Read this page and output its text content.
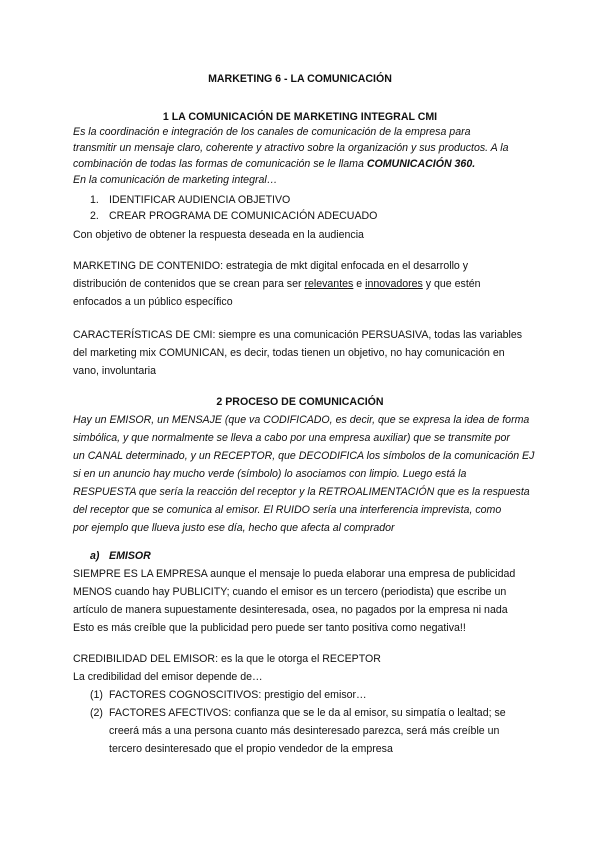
MARKETING 6 - LA COMUNICACIÓN
1 LA COMUNICACIÓN DE MARKETING INTEGRAL CMI
Es la coordinación e integración de los canales de comunicación de la empresa para
transmitir un mensaje claro, coherente y atractivo sobre la organización y sus productos. A la
combinación de todas las formas de comunicación se le llama COMUNICACIÓN 360.
En la comunicación de marketing integral…
1. IDENTIFICAR AUDIENCIA OBJETIVO
2. CREAR PROGRAMA DE COMUNICACIÓN ADECUADO
Con objetivo de obtener la respuesta deseada en la audiencia
MARKETING DE CONTENIDO: estrategia de mkt digital enfocada en el desarrollo y
distribución de contenidos que se crean para ser relevantes e innovadores y que estén
enfocados a un público específico
CARACTERÍSTICAS DE CMI: siempre es una comunicación PERSUASIVA, todas las variables
del marketing mix COMUNICAN, es decir, todas tienen un objetivo, no hay comunicación en
vano, involuntaria
2 PROCESO DE COMUNICACIÓN
Hay un EMISOR, un MENSAJE (que va CODIFICADO, es decir, que se expresa la idea de forma
simbólica, y que normalmente se lleva a cabo por una empresa auxiliar) que se transmite por
un CANAL determinado, y un RECEPTOR, que DECODIFICA los símbolos de la comunicación EJ
si en un anuncio hay mucho verde (símbolo) lo asociamos con limpio. Luego está la
RESPUESTA que sería la reacción del receptor y la RETROALIMENTACIÓN que es la respuesta
del receptor que se comunica al emisor. El RUIDO sería una interferencia imprevista, como
por ejemplo que llueva justo ese día, hecho que afecta al comprador
a) EMISOR
SIEMPRE ES LA EMPRESA aunque el mensaje lo pueda elaborar una empresa de publicidad
MENOS cuando hay PUBLICITY; cuando el emisor es un tercero (periodista) que escribe un
artículo de manera supuestamente desinteresada, osea, no pagados por la empresa ni nada
Esto es más creíble que la publicidad pero puede ser tanto positiva como negativa!!
CREDIBILIDAD DEL EMISOR: es la que le otorga el RECEPTOR
La credibilidad del emisor depende de…
(1) FACTORES COGNOSCITIVOS: prestigio del emisor…
(2) FACTORES AFECTIVOS: confianza que se le da al emisor, su simpatía o lealtad; se
creerá más a una persona cuanto más desinteresado parezca, será más creíble un
tercero desinteresado que el propio vendedor de la empresa
